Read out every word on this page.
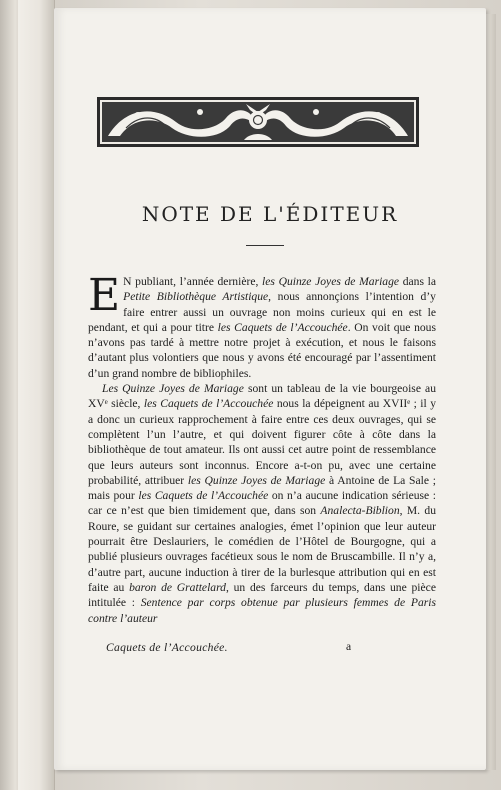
NOTE DE L'ÉDITEUR

E N publiant, l’année dernière, les Quinze Joyes de Mariage dans la Petite Bibliothèque Artistique, nous annonçions l’intention d’y faire entrer aussi un ouvrage non moins curieux qui en est le pendant, et qui a pour titre les Caquets de l’Accouchée. On voit que nous n’avons pas tardé à mettre notre projet à exécution, et nous le faisons d’autant plus volontiers que nous y avons été encouragé par l’assentiment d’un grand nombre de bibliophiles.

Les Quinze Joyes de Mariage sont un tableau de la vie bourgeoise au XVᵉ siècle, les Caquets de l’Accouchée nous la dépeignent au XVIIᵉ ; il y a donc un curieux rapprochement à faire entre ces deux ouvrages, qui se complètent l’un l’autre, et qui doivent figurer côte à côte dans la bibliothèque de tout amateur. Ils ont aussi cet autre point de ressemblance que leurs auteurs sont inconnus. Encore a-t-on pu, avec une certaine probabilité, attribuer les Quinze Joyes de Mariage à Antoine de La Sale ; mais pour les Caquets de l’Accouchée on n’a aucune indication sérieuse : car ce n’est que bien timidement que, dans son Analecta-Biblion, M. du Roure, se guidant sur certaines analogies, émet l’opinion que leur auteur pourrait être Deslauriers, le comédien de l’Hôtel de Bourgogne, qui a publié plusieurs ouvrages facétieux sous le nom de Bruscambille. Il n’y a, d’autre part, aucune induction à tirer de la burlesque attribution qui en est faite au baron de Grattelard, un des farceurs du temps, dans une pièce intitulée : Sentence par corps obtenue par plusieurs femmes de Paris contre l’auteur

Caquets de l’Accouchée.	a
